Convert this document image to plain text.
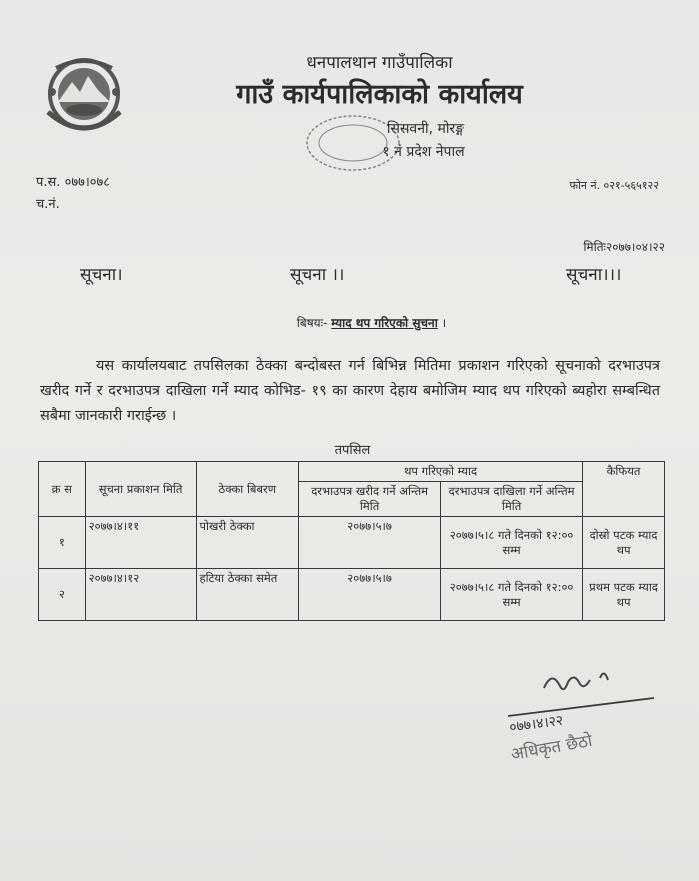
धनपालथान गाउँपालिका
गाउँ कार्यपालिकाको कार्यालय
सिसवनी, मोरङ्ग
१ नं प्रदेश नेपाल
प.स. ०७७।०७८
च.नं.
फोन नं. ०२१-५६५१२२
मितिः२०७७।०४।२२
सूचना।	सूचना ।।	सूचना।।।
बिषयः- म्याद थप गरिएको सुचना ।
यस कार्यालयबाट तपसिलका ठेक्का बन्दोबस्त गर्न बिभिन्न मितिमा प्रकाशन गरिएको सूचनाको दरभाउपत्र खरीद गर्ने र दरभाउपत्र दाखिला गर्ने म्याद कोभिड- १९ का कारण देहाय बमोजिम म्याद थप गरिएको ब्यहोरा सम्बन्धित सबैमा जानकारी गराईन्छ ।
तपसिल
क्र स	सूचना प्रकाशन मिति	ठेक्का बिबरण	थप गरिएको म्याद		कैफियत
			दरभाउपत्र खरीद गर्ने अन्तिम मिति	दरभाउपत्र दाखिला गर्ने अन्तिम मिति	
१	२०७७।४।११	पोखरी ठेक्का	२०७७।५।७	२०७७।५।८ गते दिनको १२:०० सम्म	दोस्रो पटक म्याद थप
२	२०७७।४।१२	हटिया ठेक्का समेत	२०७७।५।७	२०७७।५।८ गते दिनको १२:०० सम्म	प्रथम पटक म्याद थप
०७७।४।२२
अधिकृत छैठो
